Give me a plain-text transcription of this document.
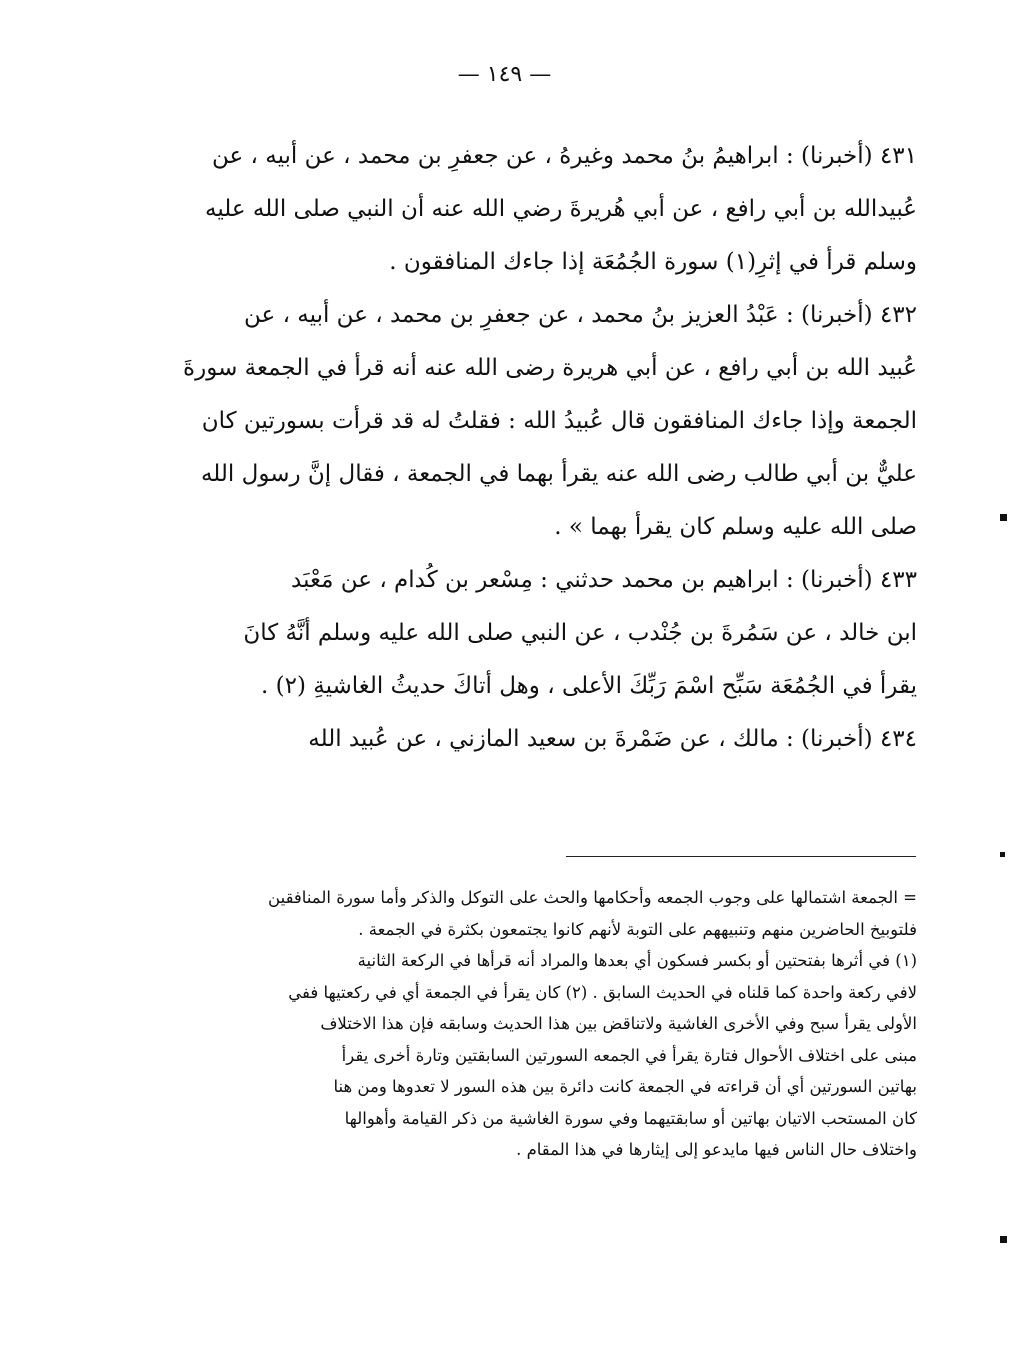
— ١٤٩ —
٤٣١ (أخبرنا) : ابراهيمُ بنُ محمد وغيرهُ ، عن جعفرِ بن محمد ، عن أبيه ، عن
عُبيدالله بن أبي رافع ، عن أبي هُريرةَ رضي الله عنه أن النبي صلى الله عليه
وسلم قرأ في إثرِ(١) سورة الجُمُعَة إذا جاءك المنافقون .
٤٣٢ (أخبرنا) : عَبْدُ العزيز بنُ محمد ، عن جعفرِ بن محمد ، عن أبيه ، عن
عُبيد الله بن أبي رافع ، عن أبي هريرة رضى الله عنه أنه قرأ في الجمعة سورةَ
الجمعة وإذا جاءك المنافقون قال عُبيدُ الله : فقلتُ له قد قرأت بسورتين كان
عليٌّ بن أبي طالب رضى الله عنه يقرأ بهما في الجمعة ، فقال إنَّ رسول الله
صلى الله عليه وسلم كان يقرأ بهما » .
٤٣٣ (أخبرنا) : ابراهيم بن محمد حدثني : مِسْعر بن كُدام ، عن مَعْبَد
ابن خالد ، عن سَمُرةَ بن جُنْدب ، عن النبي صلى الله عليه وسلم أنَّهُ كانَ
يقرأ في الجُمُعَة سَبِّح اسْمَ رَبِّكَ الأعلى ، وهل أتاكَ حديثُ الغاشيةِ (٢) .
٤٣٤ (أخبرنا) : مالك ، عن ضَمْرةَ بن سعيد المازني ، عن عُبيد الله
= الجمعة اشتمالها على وجوب الجمعه وأحكامها والحث على التوكل والذكر وأما سورة المنافقين
فلتوبيخ الحاضرين منهم وتنبيههم على التوبة لأنهم كانوا يجتمعون بكثرة في الجمعة .
(١) في أثرها بفتحتين أو بكسر فسكون أي بعدها والمراد أنه قرأها في الركعة الثانية
لافي ركعة واحدة كما قلناه في الحديث السابق . (٢) كان يقرأ في الجمعة أي في ركعتيها ففي
الأولى يقرأ سبح وفي الأخرى الغاشية ولاتناقض بين هذا الحديث وسابقه فإن هذا الاختلاف
مبنى على اختلاف الأحوال فتارة يقرأ في الجمعه السورتين السابقتين وتارة أخرى يقرأ
بهاتين السورتين أي أن قراءته في الجمعة كانت دائرة بين هذه السور لا تعدوها ومن هنا
كان المستحب الاتيان بهاتين أو سابقتيهما وفي سورة الغاشية من ذكر القيامة وأهوالها
واختلاف حال الناس فيها مايدعو إلى إيثارها في هذا المقام .
